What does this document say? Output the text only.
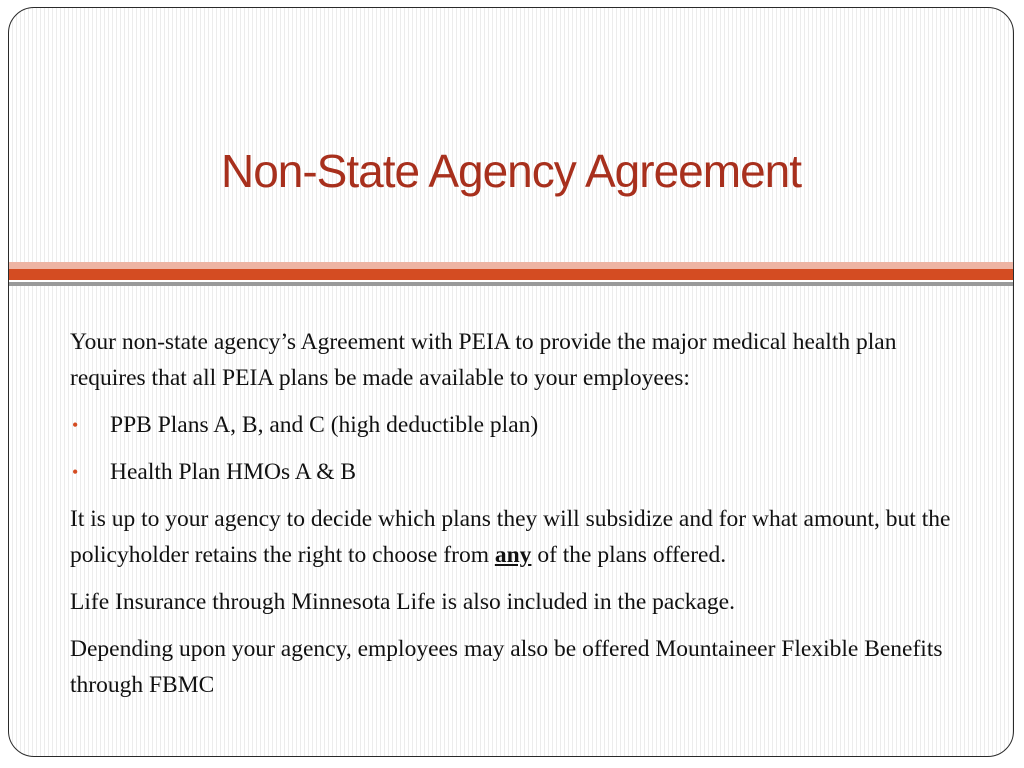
Non-State Agency Agreement

Your non-state agency’s Agreement with PEIA to provide the major medical health plan requires that all PEIA plans be made available to your employees:

• PPB Plans A, B, and C (high deductible plan)
• Health Plan HMOs A & B

It is up to your agency to decide which plans they will subsidize and for what amount, but the policyholder retains the right to choose from any of the plans offered.

Life Insurance through Minnesota Life is also included in the package.

Depending upon your agency, employees may also be offered Mountaineer Flexible Benefits through FBMC
